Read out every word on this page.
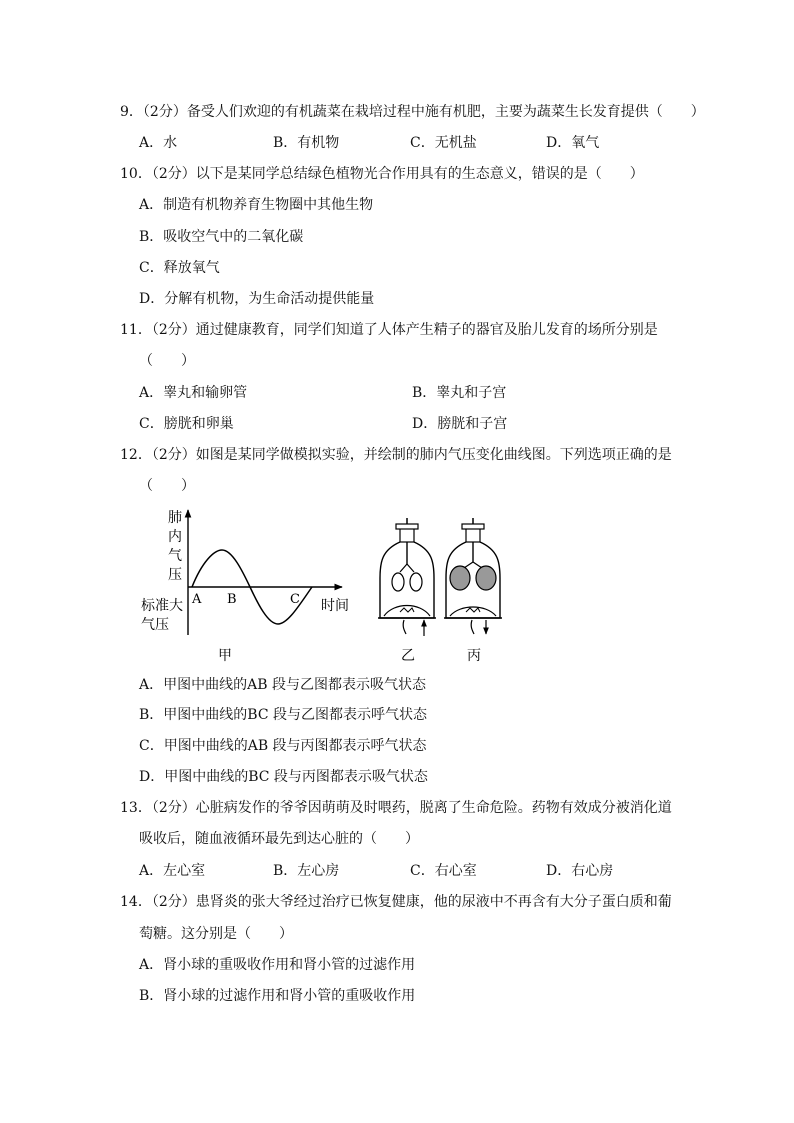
9．（2分）备受人们欢迎的有机蔬菜在栽培过程中施有机肥，主要为蔬菜生长发育提供（　　）
A．水	B．有机物	C．无机盐	D．氧气
10．（2分）以下是某同学总结绿色植物光合作用具有的生态意义，错误的是（　　）
A．制造有机物养育生物圈中其他生物
B．吸收空气中的二氧化碳
C．释放氧气
D．分解有机物，为生命活动提供能量
11．（2分）通过健康教育，同学们知道了人体产生精子的器官及胎儿发育的场所分别是
（　　）
A．睾丸和输卵管	B．睾丸和子宫
C．膀胱和卵巢	D．膀胱和子宫
12．（2分）如图是某同学做模拟实验，并绘制的肺内气压变化曲线图。下列选项正确的是
（　　）
肺
内
气
压
标准大
气压
A B	C 时间
甲	乙	丙
A．甲图中曲线的AB 段与乙图都表示吸气状态
B．甲图中曲线的BC 段与乙图都表示呼气状态
C．甲图中曲线的AB 段与丙图都表示呼气状态
D．甲图中曲线的BC 段与丙图都表示吸气状态
13．（2分）心脏病发作的爷爷因萌萌及时喂药，脱离了生命危险。药物有效成分被消化道
吸收后，随血液循环最先到达心脏的（　　）
A．左心室	B．左心房	C．右心室	D．右心房
14．（2分）患肾炎的张大爷经过治疗已恢复健康，他的尿液中不再含有大分子蛋白质和葡
萄糖。这分别是（　　）
A．肾小球的重吸收作用和肾小管的过滤作用
B．肾小球的过滤作用和肾小管的重吸收作用
